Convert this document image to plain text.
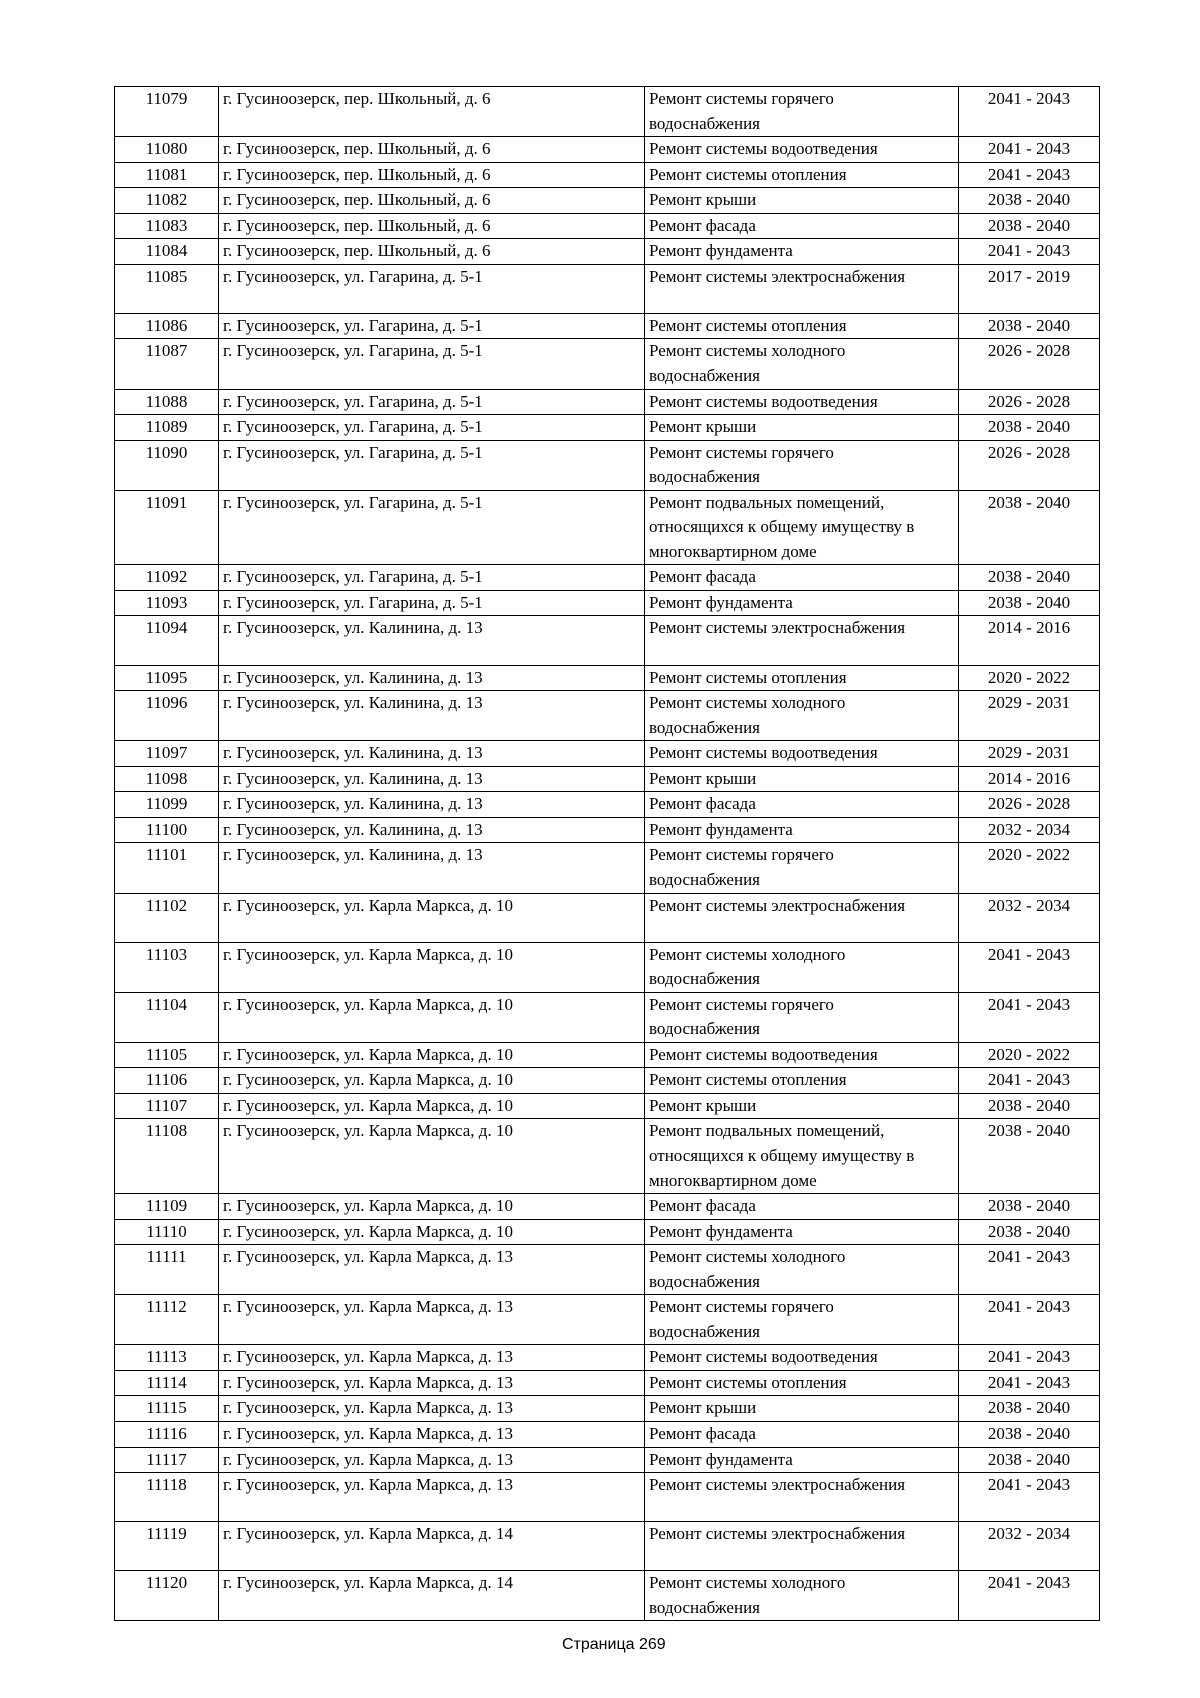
11079	г. Гусиноозерск, пер. Школьный, д. 6	Ремонт системы горячего
водоснабжения	2041 - 2043
11080	г. Гусиноозерск, пер. Школьный, д. 6	Ремонт системы водоотведения	2041 - 2043
11081	г. Гусиноозерск, пер. Школьный, д. 6	Ремонт системы отопления	2041 - 2043
11082	г. Гусиноозерск, пер. Школьный, д. 6	Ремонт крыши	2038 - 2040
11083	г. Гусиноозерск, пер. Школьный, д. 6	Ремонт фасада	2038 - 2040
11084	г. Гусиноозерск, пер. Школьный, д. 6	Ремонт фундамента	2041 - 2043
11085	г. Гусиноозерск, ул. Гагарина, д. 5-1	Ремонт системы электроснабжения	2017 - 2019
11086	г. Гусиноозерск, ул. Гагарина, д. 5-1	Ремонт системы отопления	2038 - 2040
11087	г. Гусиноозерск, ул. Гагарина, д. 5-1	Ремонт системы холодного
водоснабжения	2026 - 2028
11088	г. Гусиноозерск, ул. Гагарина, д. 5-1	Ремонт системы водоотведения	2026 - 2028
11089	г. Гусиноозерск, ул. Гагарина, д. 5-1	Ремонт крыши	2038 - 2040
11090	г. Гусиноозерск, ул. Гагарина, д. 5-1	Ремонт системы горячего
водоснабжения	2026 - 2028
11091	г. Гусиноозерск, ул. Гагарина, д. 5-1	Ремонт подвальных помещений,
относящихся к общему имуществу в
многоквартирном доме	2038 - 2040
11092	г. Гусиноозерск, ул. Гагарина, д. 5-1	Ремонт фасада	2038 - 2040
11093	г. Гусиноозерск, ул. Гагарина, д. 5-1	Ремонт фундамента	2038 - 2040
11094	г. Гусиноозерск, ул. Калинина, д. 13	Ремонт системы электроснабжения	2014 - 2016
11095	г. Гусиноозерск, ул. Калинина, д. 13	Ремонт системы отопления	2020 - 2022
11096	г. Гусиноозерск, ул. Калинина, д. 13	Ремонт системы холодного
водоснабжения	2029 - 2031
11097	г. Гусиноозерск, ул. Калинина, д. 13	Ремонт системы водоотведения	2029 - 2031
11098	г. Гусиноозерск, ул. Калинина, д. 13	Ремонт крыши	2014 - 2016
11099	г. Гусиноозерск, ул. Калинина, д. 13	Ремонт фасада	2026 - 2028
11100	г. Гусиноозерск, ул. Калинина, д. 13	Ремонт фундамента	2032 - 2034
11101	г. Гусиноозерск, ул. Калинина, д. 13	Ремонт системы горячего
водоснабжения	2020 - 2022
11102	г. Гусиноозерск, ул. Карла Маркса, д. 10	Ремонт системы электроснабжения	2032 - 2034
11103	г. Гусиноозерск, ул. Карла Маркса, д. 10	Ремонт системы холодного
водоснабжения	2041 - 2043
11104	г. Гусиноозерск, ул. Карла Маркса, д. 10	Ремонт системы горячего
водоснабжения	2041 - 2043
11105	г. Гусиноозерск, ул. Карла Маркса, д. 10	Ремонт системы водоотведения	2020 - 2022
11106	г. Гусиноозерск, ул. Карла Маркса, д. 10	Ремонт системы отопления	2041 - 2043
11107	г. Гусиноозерск, ул. Карла Маркса, д. 10	Ремонт крыши	2038 - 2040
11108	г. Гусиноозерск, ул. Карла Маркса, д. 10	Ремонт подвальных помещений,
относящихся к общему имуществу в
многоквартирном доме	2038 - 2040
11109	г. Гусиноозерск, ул. Карла Маркса, д. 10	Ремонт фасада	2038 - 2040
11110	г. Гусиноозерск, ул. Карла Маркса, д. 10	Ремонт фундамента	2038 - 2040
11111	г. Гусиноозерск, ул. Карла Маркса, д. 13	Ремонт системы холодного
водоснабжения	2041 - 2043
11112	г. Гусиноозерск, ул. Карла Маркса, д. 13	Ремонт системы горячего
водоснабжения	2041 - 2043
11113	г. Гусиноозерск, ул. Карла Маркса, д. 13	Ремонт системы водоотведения	2041 - 2043
11114	г. Гусиноозерск, ул. Карла Маркса, д. 13	Ремонт системы отопления	2041 - 2043
11115	г. Гусиноозерск, ул. Карла Маркса, д. 13	Ремонт крыши	2038 - 2040
11116	г. Гусиноозерск, ул. Карла Маркса, д. 13	Ремонт фасада	2038 - 2040
11117	г. Гусиноозерск, ул. Карла Маркса, д. 13	Ремонт фундамента	2038 - 2040
11118	г. Гусиноозерск, ул. Карла Маркса, д. 13	Ремонт системы электроснабжения	2041 - 2043
11119	г. Гусиноозерск, ул. Карла Маркса, д. 14	Ремонт системы электроснабжения	2032 - 2034
11120	г. Гусиноозерск, ул. Карла Маркса, д. 14	Ремонт системы холодного
водоснабжения	2041 - 2043
Страница 269
